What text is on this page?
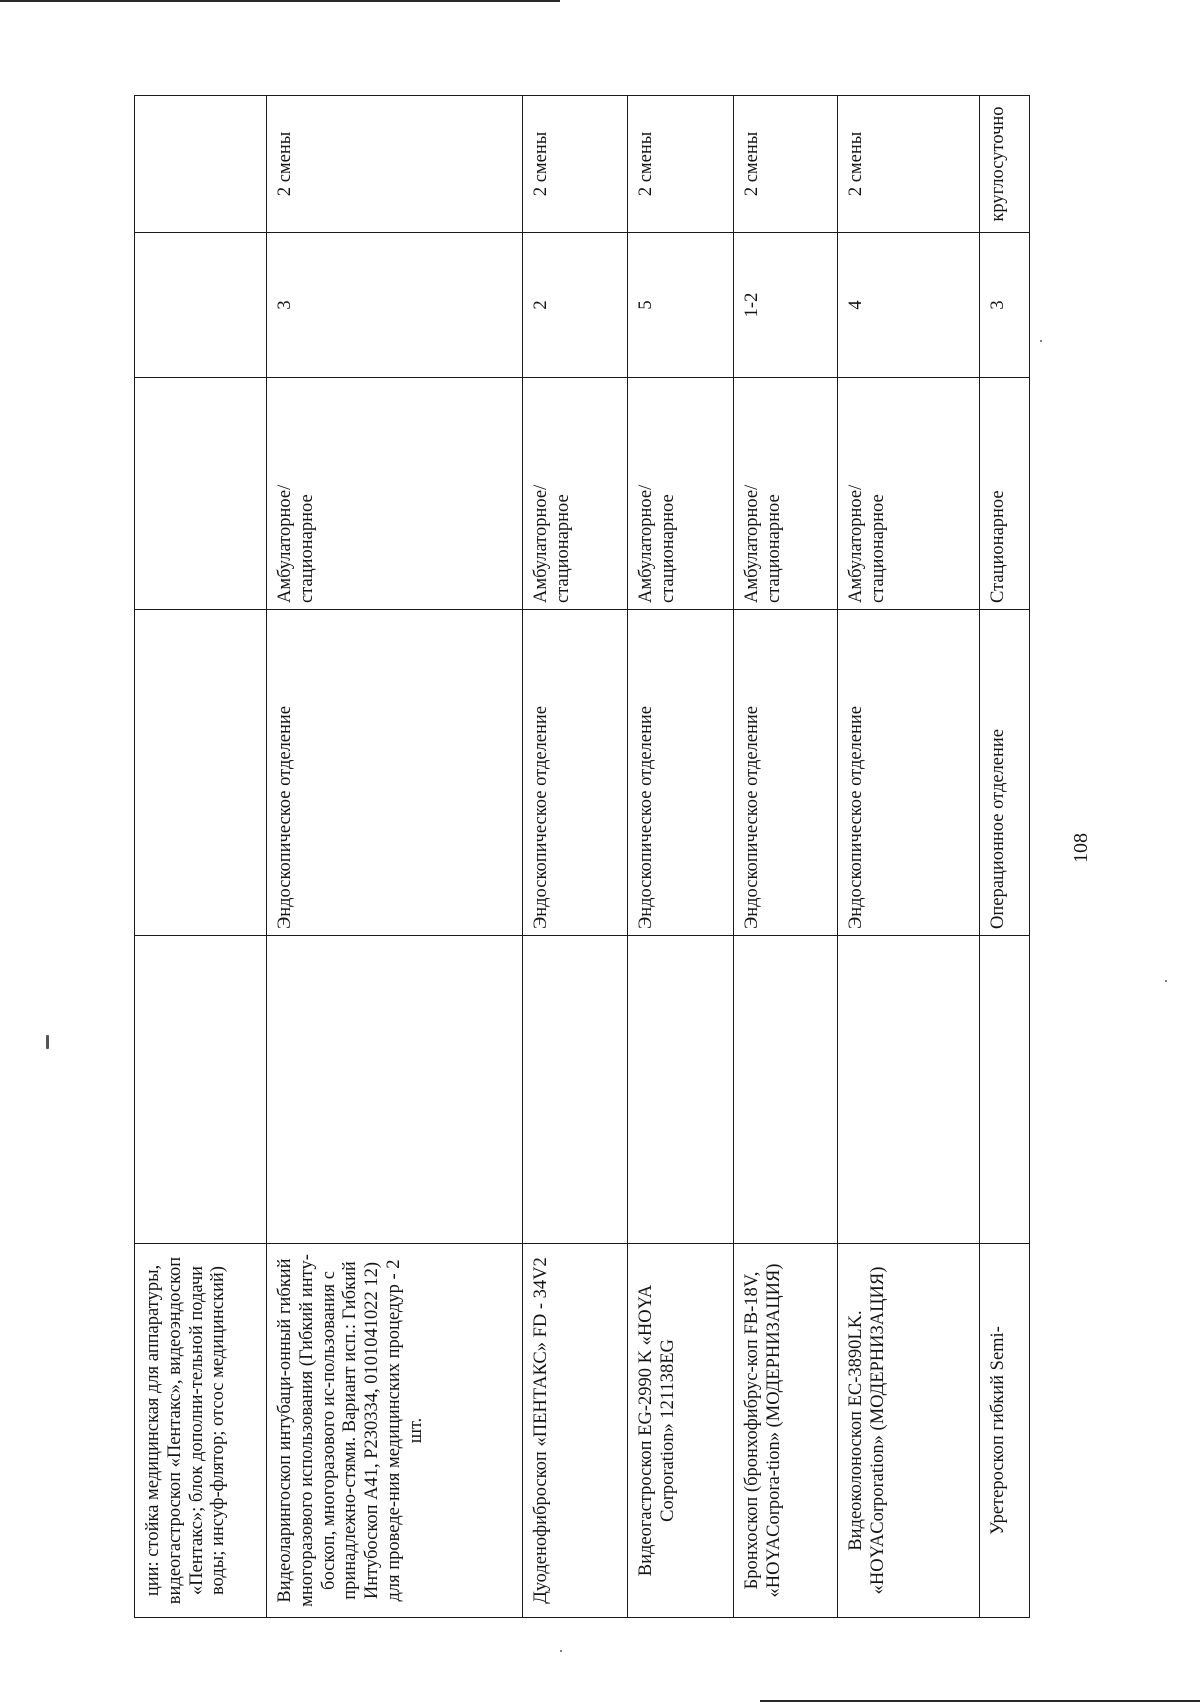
108
ции: стойка медицинская для аппаратуры, видеогастроскоп «Пентакс», видеоэндоскоп «Пентакс»; блок дополни-тельной подачи воды; инсуф-флятор; отсос медицинский)					
Видеоларингоскоп интубаци-онный гибкий многоразового использования (Гибкий инту-боскоп, многоразового ис-пользования с принадлежно-стями. Вариант исп.: Гибкий Интубоскоп А41, Р230334, 0101041022 12) для проведе-ния медицинских процедур - 2 шт.		Эндоскопическое отделение	Амбулаторное/ стационарное	3	2 смены
Дуоденофиброскоп «ПЕНТАКС» FD - 34V2		Эндоскопическое отделение	Амбулаторное/ стационарное	2	2 смены
Видеогастроскоп EG-2990 K «HOYA Corporation» 121138EG		Эндоскопическое отделение	Амбулаторное/ стационарное	5	2 смены
Бронхоскоп (бронхофибрус-коп FB-18V, «HOYACorpora-tion» (МОДЕРНИЗАЦИЯ)		Эндоскопическое отделение	Амбулаторное/ стационарное	1-2	2 смены
Видеоколоноскоп EC-3890LK. «HOYACorporation» (МОДЕРНИЗАЦИЯ)		Эндоскопическое отделение	Амбулаторное/ стационарное	4	2 смены
Уретероскоп гибкий Semi-		Операционное отделение	Стационарное	3	круглосуточно
